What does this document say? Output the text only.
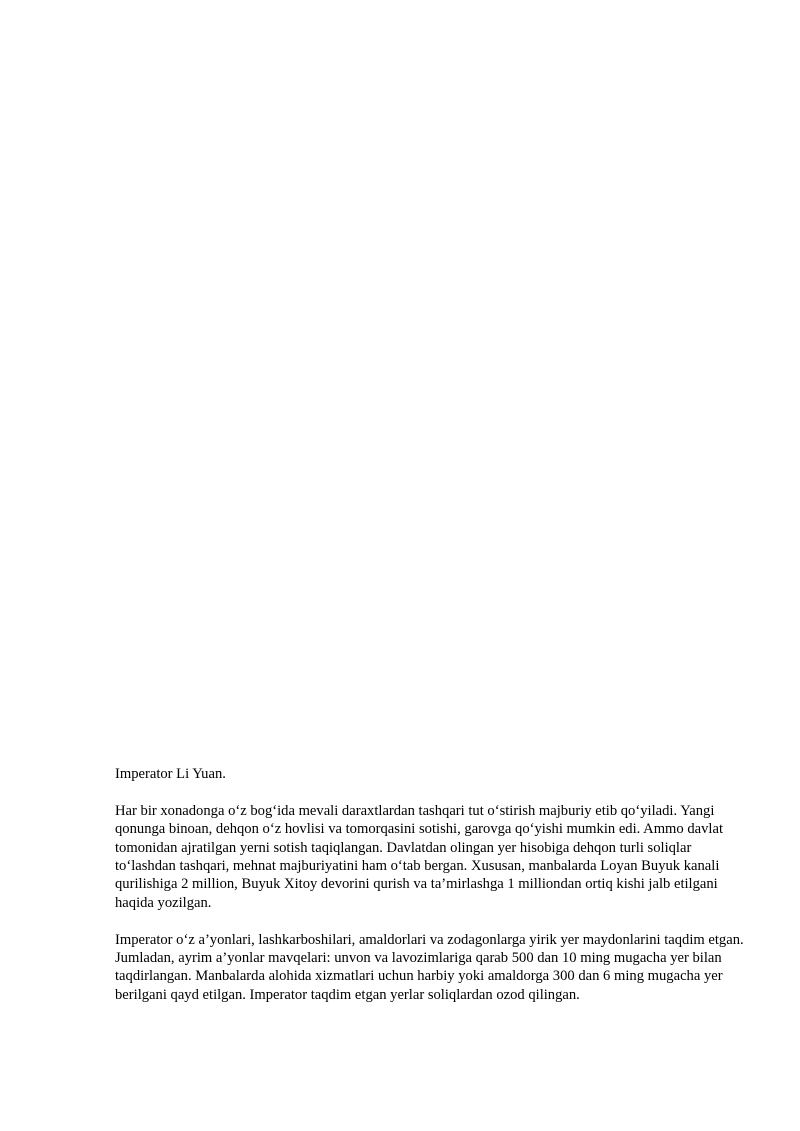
Imperator Li Yuan.

Har bir xonadonga o‘z bog‘ida mevali daraxtlardan tashqari tut o‘stirish majburiy etib qo‘yiladi. Yangi qonunga binoan, dehqon o‘z hovlisi va tomorqasini sotishi, garovga qo‘yishi mumkin edi. Ammo davlat tomonidan ajratilgan yerni sotish taqiqlangan. Davlatdan olingan yer hisobiga dehqon turli soliqlar to‘lashdan tashqari, mehnat majburiyatini ham o‘tab bergan. Xususan, manbalarda Loyan Buyuk kanali qurilishiga 2 million, Buyuk Xitoy devorini qurish va ta’mirlashga 1 milliondan ortiq kishi jalb etilgani haqida yozilgan.

Imperator o‘z a’yonlari, lashkarboshilari, amaldorlari va zodagonlarga yirik yer maydonlarini taqdim etgan. Jumladan, ayrim a’yonlar mavqelari: unvon va lavozimlariga qarab 500 dan 10 ming mugacha yer bilan taqdirlangan. Manbalarda alohida xizmatlari uchun harbiy yoki amaldorga 300 dan 6 ming mugacha yer berilgani qayd etilgan. Imperator taqdim etgan yerlar soliqlardan ozod qilingan.
